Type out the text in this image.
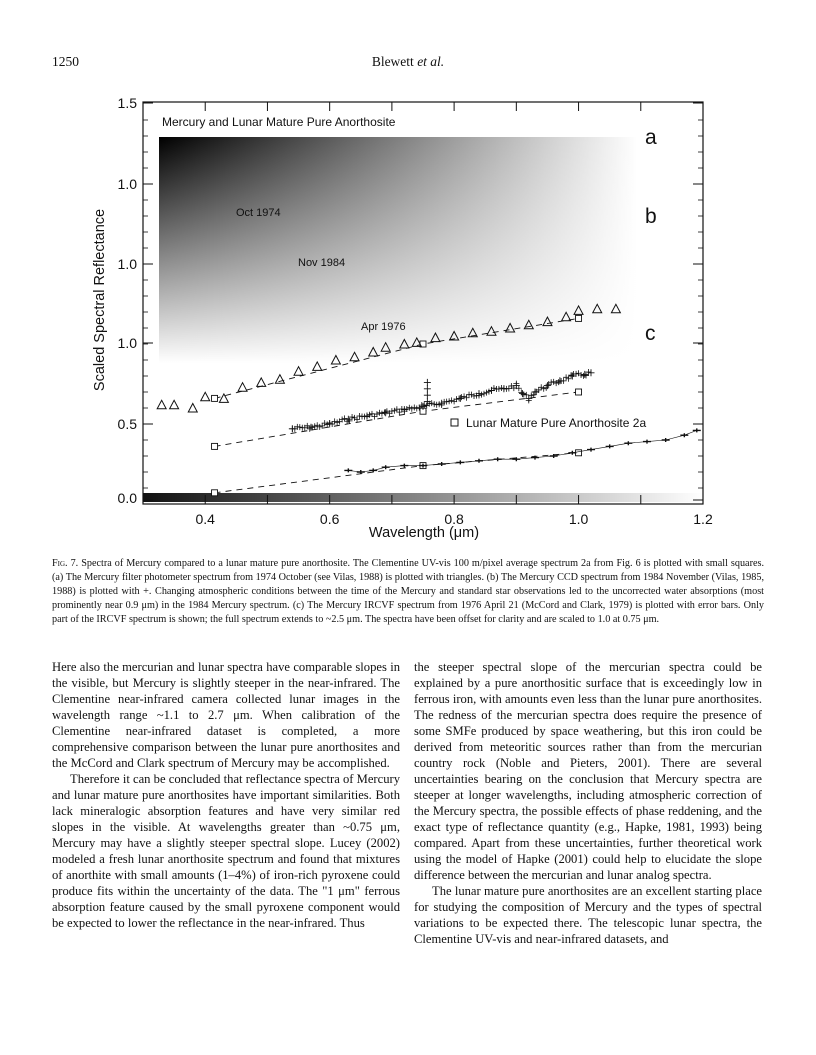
1250	Blewett et al.
0.4	0.6	0.8	1.0	1.2
1.5
1.0
1.0
1.0
0.5
0.0
Mercury and Lunar Mature Pure Anorthosite
Wavelength (μm)
Scaled Spectral Reflectance	Oct 1974
Nov 1984
Apr 1976
a
b
c
Lunar Mature Pure Anorthosite 2a
Fig. 7. Spectra of Mercury compared to a lunar mature pure anorthosite. The Clementine UV-vis 100 m/pixel average spectrum 2a from Fig. 6 is plotted with small squares. (a) The Mercury filter photometer spectrum from 1974 October (see Vilas, 1988) is plotted with triangles. (b) The Mercury CCD spectrum from 1984 November (Vilas, 1985, 1988) is plotted with +. Changing atmospheric conditions between the time of the Mercury and standard star observations led to the uncorrected water absorptions (most prominently near 0.9 μm) in the 1984 Mercury spectrum. (c) The Mercury IRCVF spectrum from 1976 April 21 (McCord and Clark, 1979) is plotted with error bars. Only part of the IRCVF spectrum is shown; the full spectrum extends to ~2.5 μm. The spectra have been offset for clarity and are scaled to 1.0 at 0.75 μm.

Here also the mercurian and lunar spectra have comparable slopes in the visible, but Mercury is slightly steeper in the near-infrared. The Clementine near-infrared camera collected lunar images in the wavelength range ~1.1 to 2.7 μm. When calibration of the Clementine near-infrared dataset is completed, a more comprehensive comparison between the lunar pure anorthosites and the McCord and Clark spectrum of Mercury may be accomplished.

Therefore it can be concluded that reflectance spectra of Mercury and lunar mature pure anorthosites have important similarities. Both lack mineralogic absorption features and have very similar red slopes in the visible. At wavelengths greater than ~0.75 μm, Mercury may have a slightly steeper spectral slope. Lucey (2002) modeled a fresh lunar anorthosite spectrum and found that mixtures of anorthite with small amounts (1–4%) of iron-rich pyroxene could produce fits within the uncertainty of the data. The "1 μm" ferrous absorption feature caused by the small pyroxene component would be expected to lower the reflectance in the near-infrared. Thus

the steeper spectral slope of the mercurian spectra could be explained by a pure anorthositic surface that is exceedingly low in ferrous iron, with amounts even less than the lunar pure anorthosites. The redness of the mercurian spectra does require the presence of some SMFe produced by space weathering, but this iron could be derived from meteoritic sources rather than from the mercurian country rock (Noble and Pieters, 2001). There are several uncertainties bearing on the conclusion that Mercury spectra are steeper at longer wavelengths, including atmospheric correction of the Mercury spectra, the possible effects of phase reddening, and the exact type of reflectance quantity (e.g., Hapke, 1981, 1993) being compared. Apart from these uncertainties, further theoretical work using the model of Hapke (2001) could help to elucidate the slope difference between the mercurian and lunar analog spectra.

The lunar mature pure anorthosites are an excellent starting place for studying the composition of Mercury and the types of spectral variations to be expected there. The telescopic lunar spectra, the Clementine UV-vis and near-infrared datasets, and
